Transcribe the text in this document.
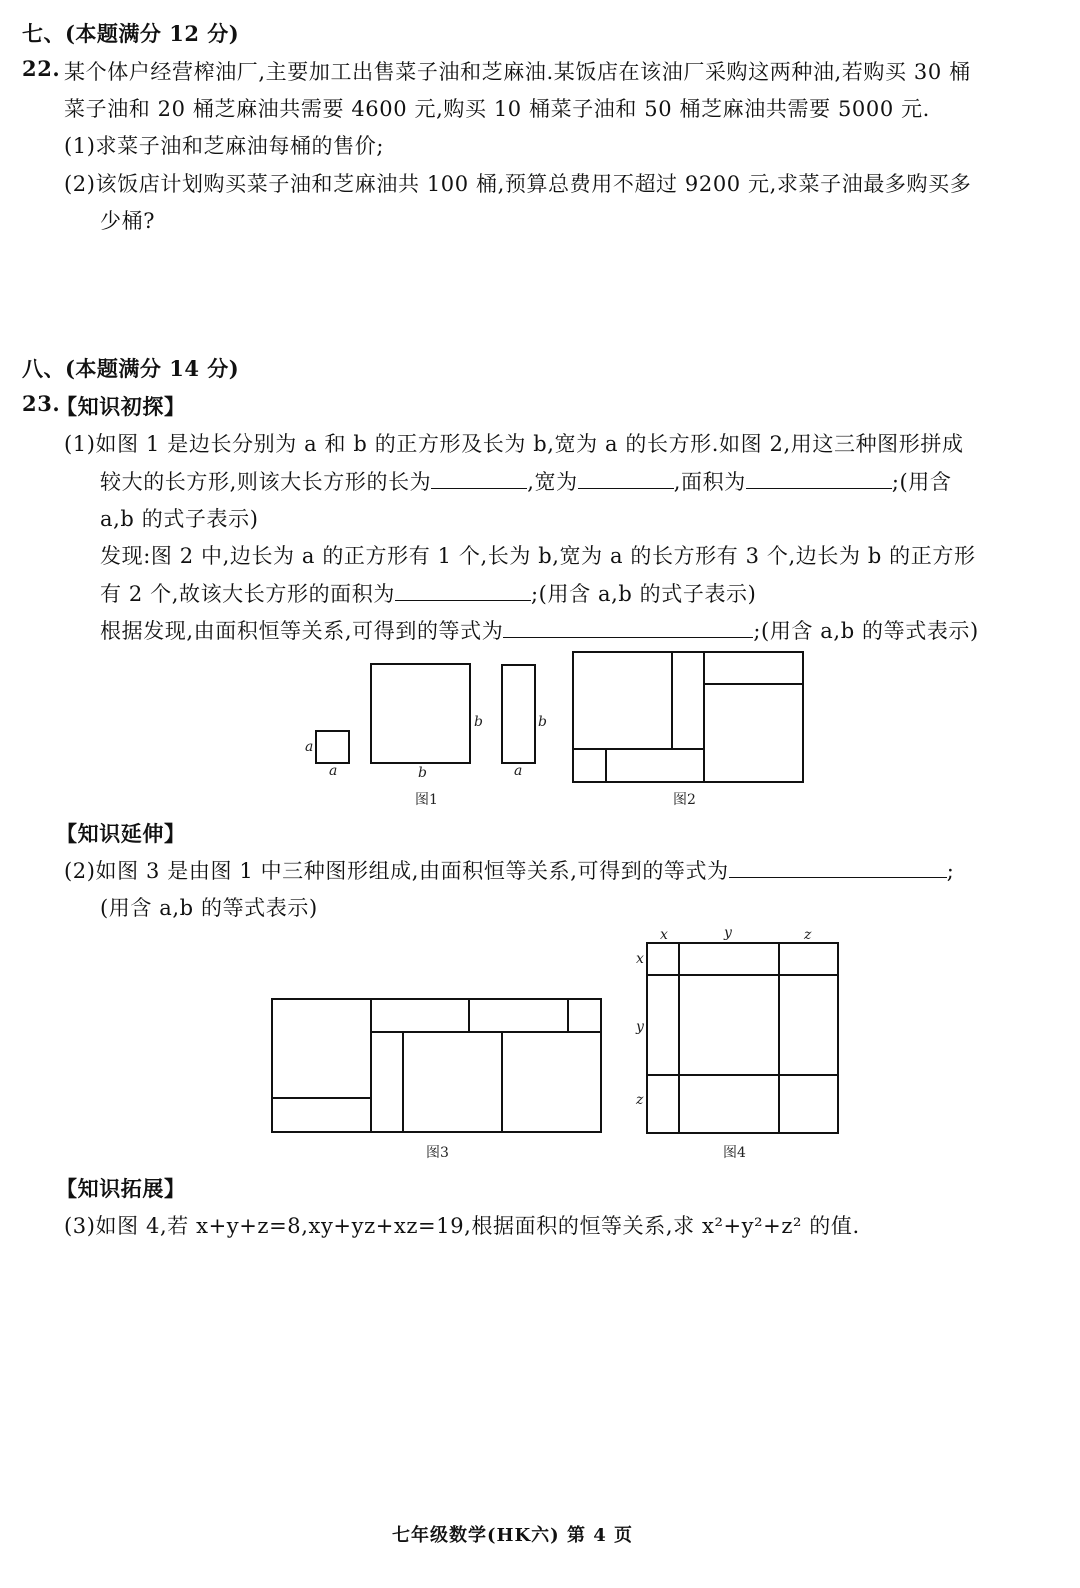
七、(本题满分 12 分)
22. 某个体户经营榨油厂,主要加工出售菜子油和芝麻油.某饭店在该油厂采购这两种油,若购买 30 桶
菜子油和 20 桶芝麻油共需要 4600 元,购买 10 桶菜子油和 50 桶芝麻油共需要 5000 元.
(1)求菜子油和芝麻油每桶的售价;
(2)该饭店计划购买菜子油和芝麻油共 100 桶,预算总费用不超过 9200 元,求菜子油最多购买多
少桶?
八、(本题满分 14 分)
23.
【知识初探】
(1)如图 1 是边长分别为 a 和 b 的正方形及长为 b,宽为 a 的长方形.如图 2,用这三种图形拼成
较大的长方形,则该大长方形的长为	,宽为	,面积为	;(用含
a,b 的式子表示)
发现:图 2 中,边长为 a 的正方形有 1 个,长为 b,宽为 a 的长方形有 3 个,边长为 b 的正方形
有 2 个,故该大长方形的面积为	;(用含 a,b 的式子表示)
根据发现,由面积恒等关系,可得到的等式为	;(用含 a,b 的等式表示)
a
a
b
b
b
a
图1	图2
【知识延伸】
(2)如图 3 是由图 1 中三种图形组成,由面积恒等关系,可得到的等式为	;
(用含 a,b 的等式表示)
x	y	z
x
y
z
图3	图4
【知识拓展】
(3)如图 4,若 x+y+z=8,xy+yz+xz=19,根据面积的恒等关系,求 x²+y²+z² 的值.
七年级数学(HK六) 第 4 页
